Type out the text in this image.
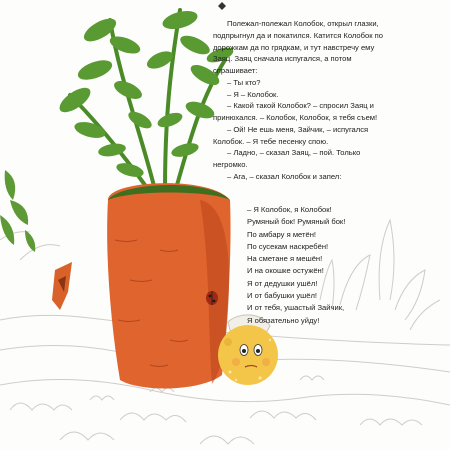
Полежал-полежал Колобок, открыл глазки, подпрыгнул да и покатился. Катится Колобок по дорожкам да по грядкам, и тут навстречу ему Заяц. Заяц сначала испугался, а потом спрашивает:

– Ты кто?

– Я – Колобок.

– Какой такой Колобок? – спросил Заяц и принюхался. – Колобок, Колобок, я тебя съем!

– Ой! Не ешь меня, Зайчик, – испугался Колобок. – Я тебе песенку спою.

– Ладно, – сказал Заяц, – пой. Только негромко.

– Ага, – сказал Колобок и запел:

– Я Колобок, я Колобок!

Румяный бок! Румяный бок!

По амбару я метён!

По сусекам наскребён!

На сметане я мешён!

И на окошке остужён!

Я от дедушки ушёл!

И от бабушки ушёл!

И от тебя, ушастый Зайчик,

Я обязательно уйду!
